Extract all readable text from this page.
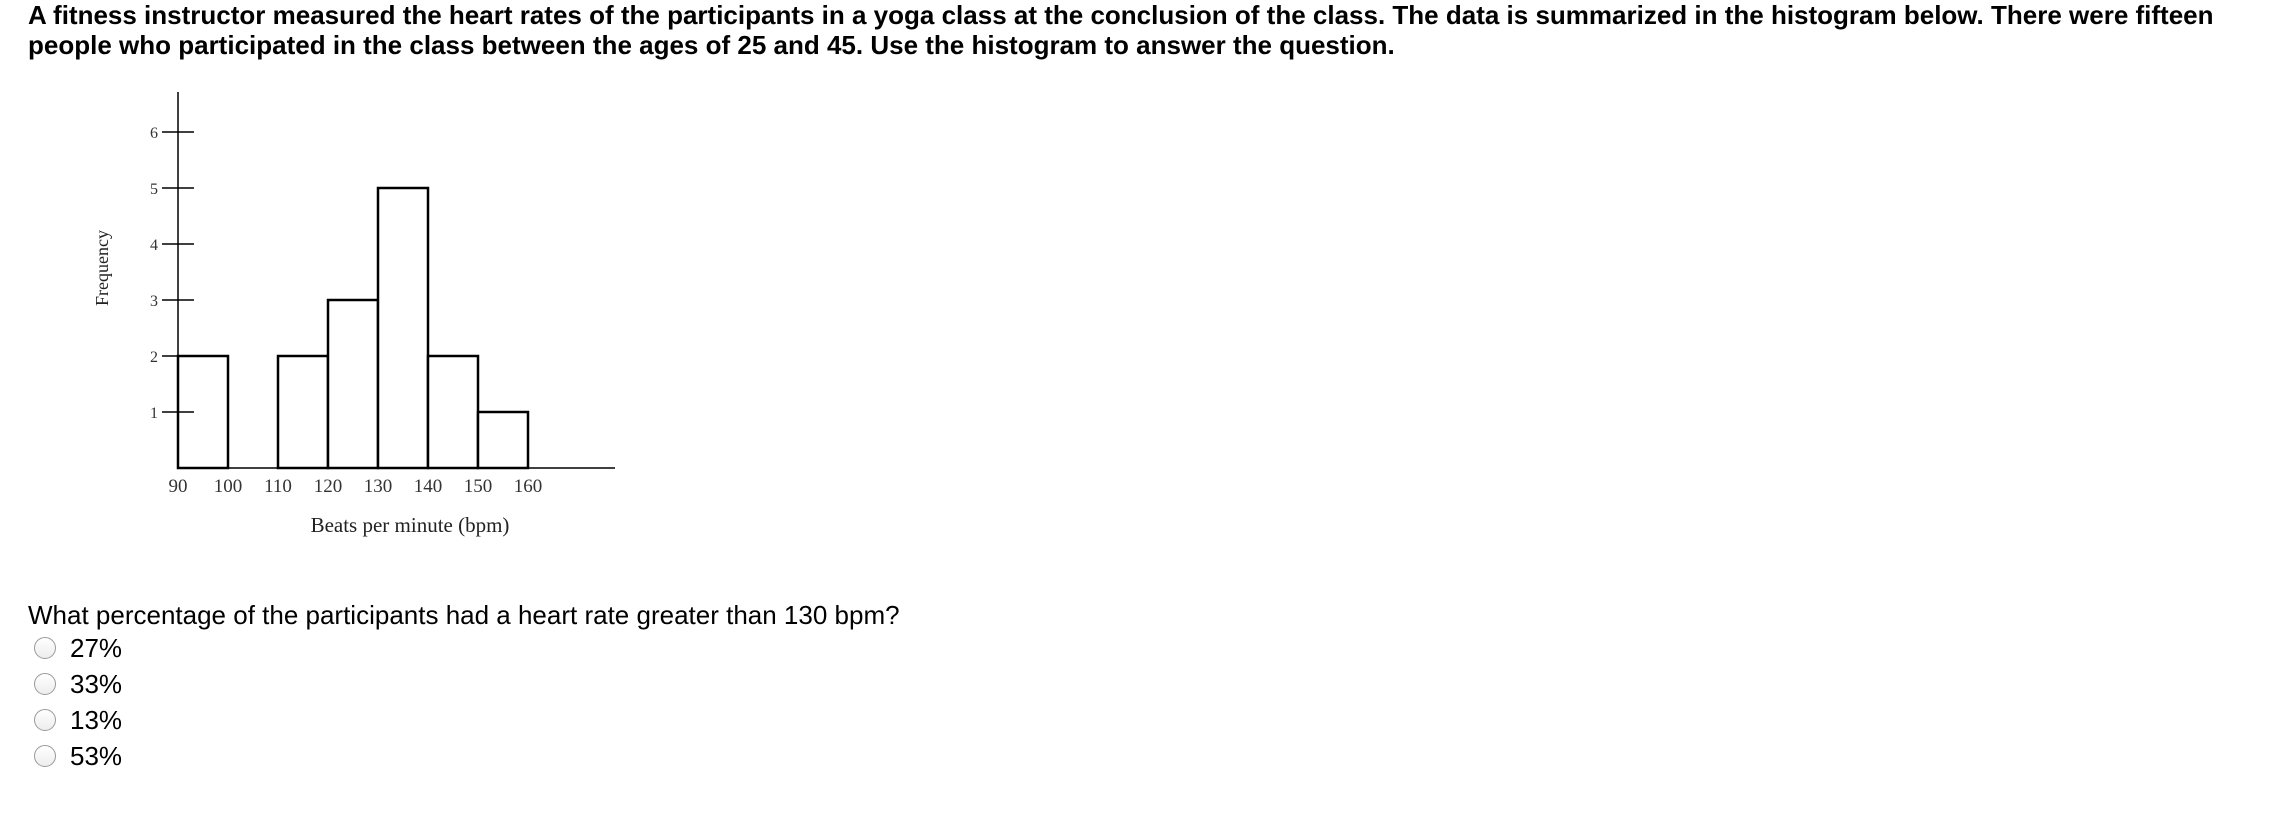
A fitness instructor measured the heart rates of the participants in a yoga class at the conclusion of the class. The data is summarized in the histogram below. There were fifteen people who participated in the class between the ages of 25 and 45. Use the histogram to answer the question.

1
2
3
4
5
6
90 100 110 120 130 140 150 160
Beats per minute (bpm)
Frequency

What percentage of the participants had a heart rate greater than 130 bpm?

27%
33%
13%
53%
